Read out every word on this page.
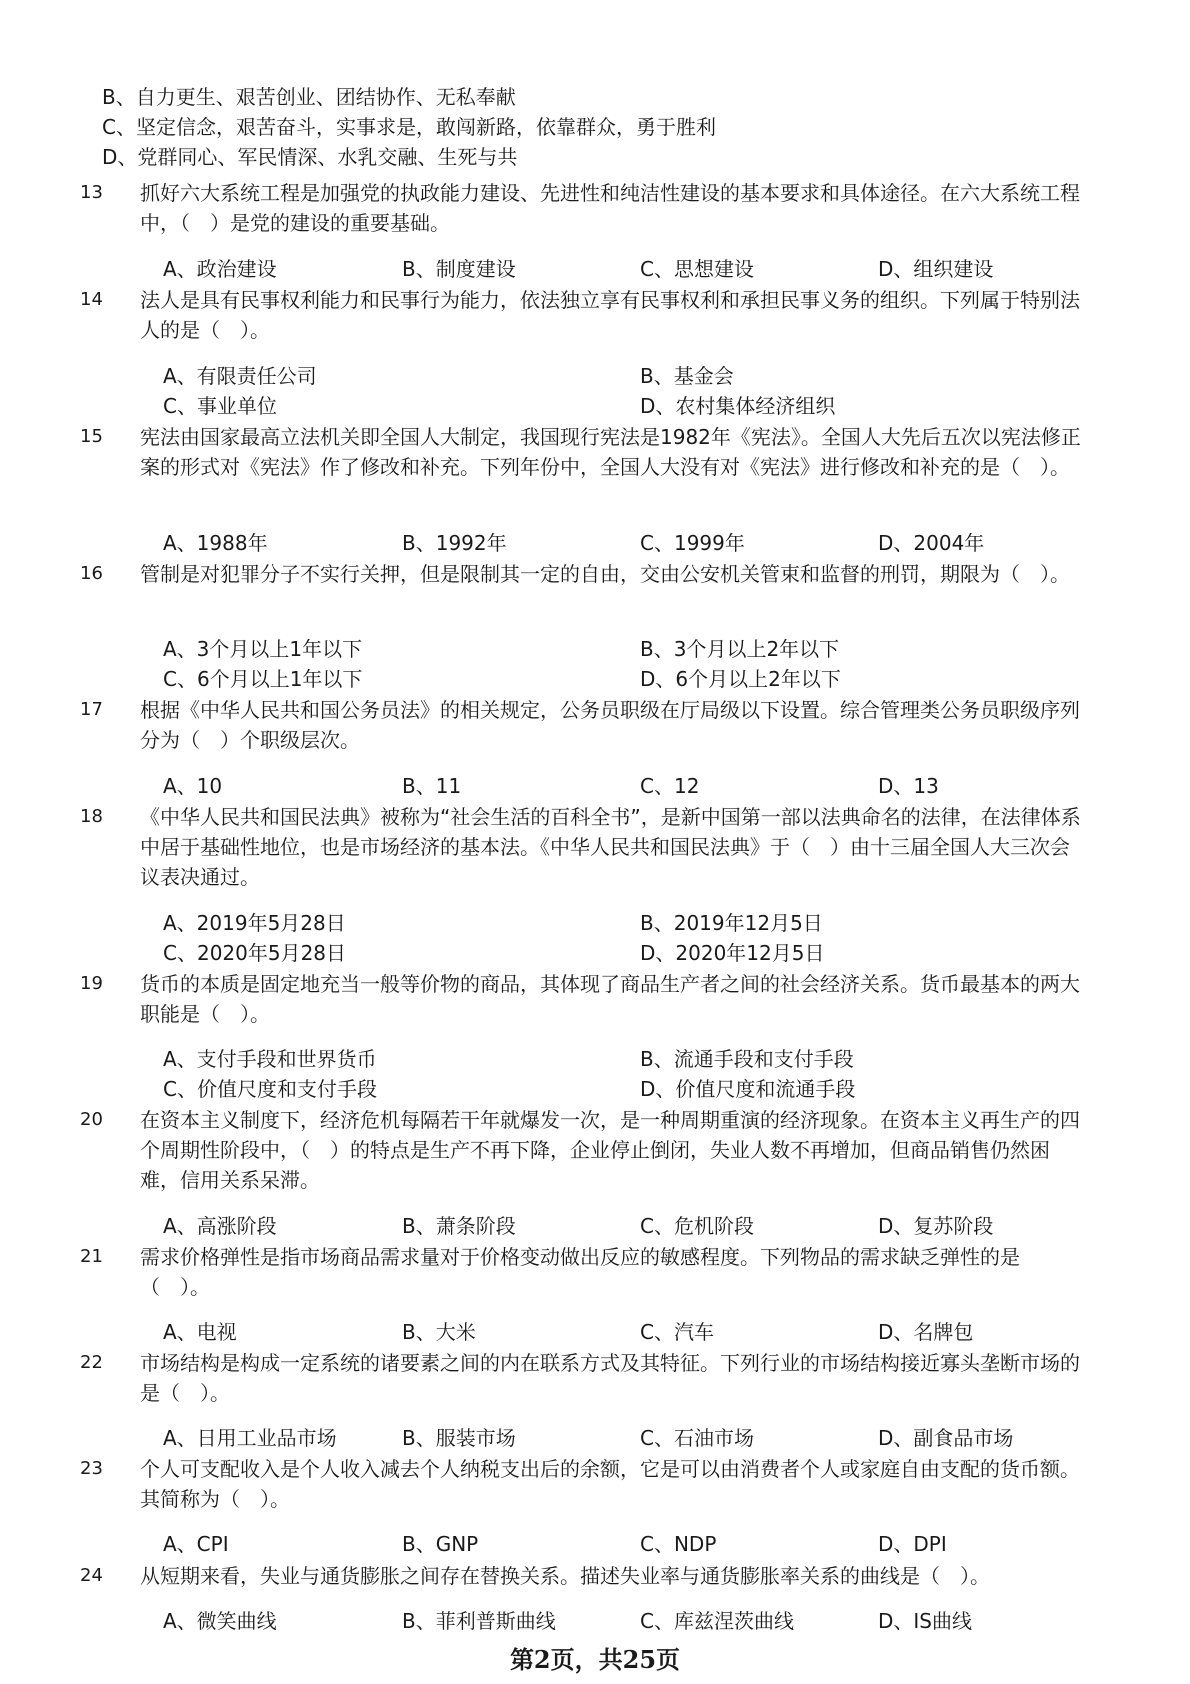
B、自力更生、艰苦创业、团结协作、无私奉献
C、坚定信念，艰苦奋斗，实事求是，敢闯新路，依靠群众，勇于胜利
D、党群同心、军民情深、水乳交融、生死与共
13	抓好六大系统工程是加强党的执政能力建设、先进性和纯洁性建设的基本要求和具体途径。在六大系统工程中，（　）是党的建设的重要基础。
A、政治建设	B、制度建设	C、思想建设	D、组织建设
14	法人是具有民事权利能力和民事行为能力，依法独立享有民事权利和承担民事义务的组织。下列属于特别法人的是（　）。
A、有限责任公司	B、基金会
C、事业单位	D、农村集体经济组织
15	宪法由国家最高立法机关即全国人大制定，我国现行宪法是1982年《宪法》。全国人大先后五次以宪法修正案的形式对《宪法》作了修改和补充。下列年份中，全国人大没有对《宪法》进行修改和补充的是（　）。
A、1988年	B、1992年	C、1999年	D、2004年
16	管制是对犯罪分子不实行关押，但是限制其一定的自由，交由公安机关管束和监督的刑罚，期限为（　）。
A、3个月以上1年以下	B、3个月以上2年以下
C、6个月以上1年以下	D、6个月以上2年以下
17	根据《中华人民共和国公务员法》的相关规定，公务员职级在厅局级以下设置。综合管理类公务员职级序列分为（　）个职级层次。
A、10	B、11	C、12	D、13
18	《中华人民共和国民法典》被称为“社会生活的百科全书”，是新中国第一部以法典命名的法律，在法律体系中居于基础性地位，也是市场经济的基本法。《中华人民共和国民法典》于（　）由十三届全国人大三次会议表决通过。
A、2019年5月28日	B、2019年12月5日
C、2020年5月28日	D、2020年12月5日
19	货币的本质是固定地充当一般等价物的商品，其体现了商品生产者之间的社会经济关系。货币最基本的两大职能是（　）。
A、支付手段和世界货币	B、流通手段和支付手段
C、价值尺度和支付手段	D、价值尺度和流通手段
20	在资本主义制度下，经济危机每隔若干年就爆发一次，是一种周期重演的经济现象。在资本主义再生产的四个周期性阶段中，（　）的特点是生产不再下降，企业停止倒闭，失业人数不再增加，但商品销售仍然困难，信用关系呆滞。
A、高涨阶段	B、萧条阶段	C、危机阶段	D、复苏阶段
21	需求价格弹性是指市场商品需求量对于价格变动做出反应的敏感程度。下列物品的需求缺乏弹性的是（　）。
A、电视	B、大米	C、汽车	D、名牌包
22	市场结构是构成一定系统的诸要素之间的内在联系方式及其特征。下列行业的市场结构接近寡头垄断市场的是（　）。
A、日用工业品市场	B、服装市场	C、石油市场	D、副食品市场
23	个人可支配收入是个人收入减去个人纳税支出后的余额，它是可以由消费者个人或家庭自由支配的货币额。其简称为（　）。
A、CPI	B、GNP	C、NDP	D、DPI
24	从短期来看，失业与通货膨胀之间存在替换关系。描述失业率与通货膨胀率关系的曲线是（　）。
A、微笑曲线	B、菲利普斯曲线	C、库兹涅茨曲线	D、IS曲线
第2页，共25页
